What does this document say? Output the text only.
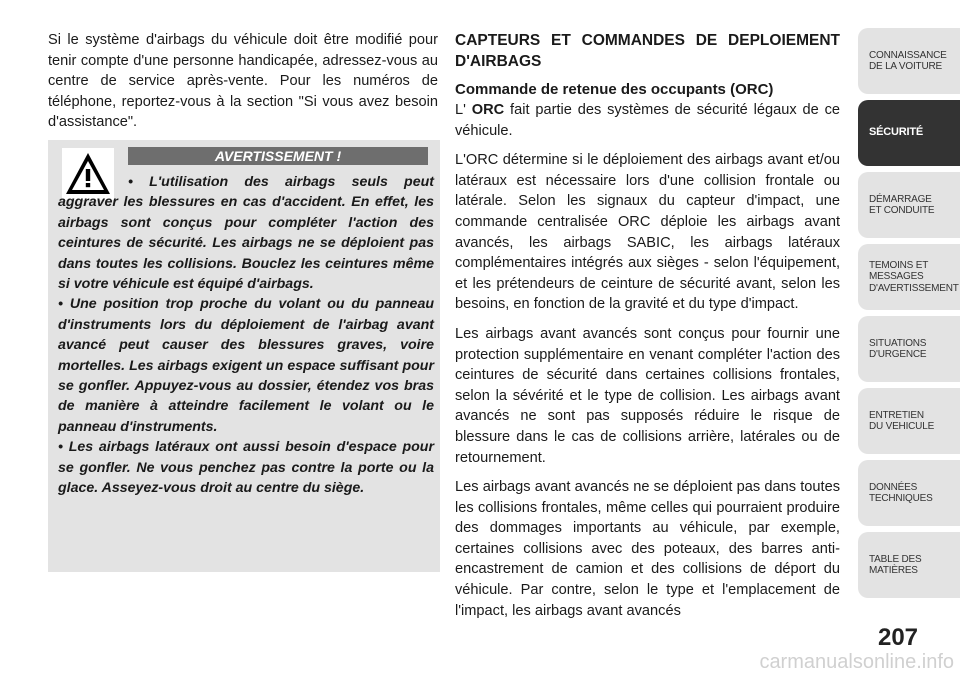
Si le système d'airbags du véhicule doit être modifié pour tenir compte d'une personne handicapée, adressez-vous au centre de service après-vente. Pour les numéros de téléphone, reportez-vous à la section "Si vous avez besoin d'assistance".

AVERTISSEMENT !

• L'utilisation des airbags seuls peut aggraver les blessures en cas d'accident. En effet, les airbags sont conçus pour compléter l'action des ceintures de sécurité. Les airbags ne se déploient pas dans toutes les collisions. Bouclez les ceintures même si votre véhicule est équipé d'airbags.

• Une position trop proche du volant ou du panneau d'instruments lors du déploiement de l'airbag avant avancé peut causer des blessures graves, voire mortelles. Les airbags exigent un espace suffisant pour se gonfler. Appuyez-vous au dossier, étendez vos bras de manière à atteindre facilement le volant ou le panneau d'instruments.

• Les airbags latéraux ont aussi besoin d'espace pour se gonfler. Ne vous penchez pas contre la porte ou la glace. Asseyez-vous droit au centre du siège.

CAPTEURS ET COMMANDES DE DEPLOIEMENT D'AIRBAGS
Commande de retenue des occupants (ORC)

L' ORC fait partie des systèmes de sécurité légaux de ce véhicule.

L'ORC détermine si le déploiement des airbags avant et/ou latéraux est nécessaire lors d'une collision frontale ou latérale. Selon les signaux du capteur d'impact, une commande centralisée ORC déploie les airbags avant avancés, les airbags SABIC, les airbags latéraux complémentaires intégrés aux sièges - selon l'équipement, et les prétendeurs de ceinture de sécurité avant, selon les besoins, en fonction de la gravité et du type d'impact.

Les airbags avant avancés sont conçus pour fournir une protection supplémentaire en venant compléter l'action des ceintures de sécurité dans certaines collisions frontales, selon la sévérité et le type de collision. Les airbags avant avancés ne sont pas supposés réduire le risque de blessure dans le cas de collisions arrière, latérales ou de retournement.

Les airbags avant avancés ne se déploient pas dans toutes les collisions frontales, même celles qui pourraient produire des dommages importants au véhicule, par exemple, certaines collisions avec des poteaux, des barres anti-encastrement de camion et des collisions de déport du véhicule. Par contre, selon le type et l'emplacement de l'impact, les airbags avant avancés

CONNAISSANCE
DE LA VOITURE
SÉCURITÉ
DÉMARRAGE
ET CONDUITE
TEMOINS ET
MESSAGES
D'AVERTISSEMENT
SITUATIONS
D'URGENCE
ENTRETIEN
DU VEHICULE
DONNÉES
TECHNIQUES
TABLE DES
MATIÈRES
207
carmanualsonline.info
